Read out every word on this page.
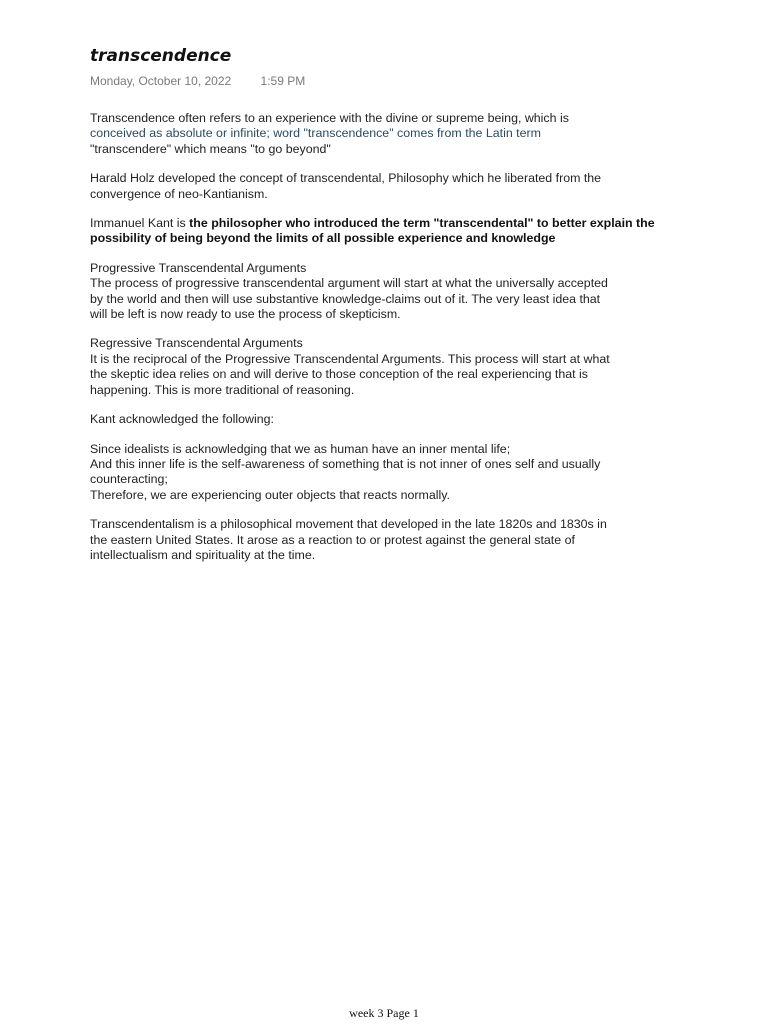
transcendence
Monday, October 10, 2022 1:59 PM

Transcendence often refers to an experience with the divine or supreme being, which is
conceived as absolute or infinite; word "transcendence" comes from the Latin term
"transcendere" which means "to go beyond"

Harald Holz developed the concept of transcendental, Philosophy which he liberated from the
convergence of neo-Kantianism.

Immanuel Kant is the philosopher who introduced the term "transcendental" to better explain the
possibility of being beyond the limits of all possible experience and knowledge

Progressive Transcendental Arguments
The process of progressive transcendental argument will start at what the universally accepted
by the world and then will use substantive knowledge-claims out of it. The very least idea that
will be left is now ready to use the process of skepticism.

Regressive Transcendental Arguments
It is the reciprocal of the Progressive Transcendental Arguments. This process will start at what
the skeptic idea relies on and will derive to those conception of the real experiencing that is
happening. This is more traditional of reasoning.

Kant acknowledged the following:

Since idealists is acknowledging that we as human have an inner mental life;
And this inner life is the self-awareness of something that is not inner of ones self and usually
counteracting;
Therefore, we are experiencing outer objects that reacts normally.

Transcendentalism is a philosophical movement that developed in the late 1820s and 1830s in
the eastern United States. It arose as a reaction to or protest against the general state of
intellectualism and spirituality at the time.

week 3 Page 1
